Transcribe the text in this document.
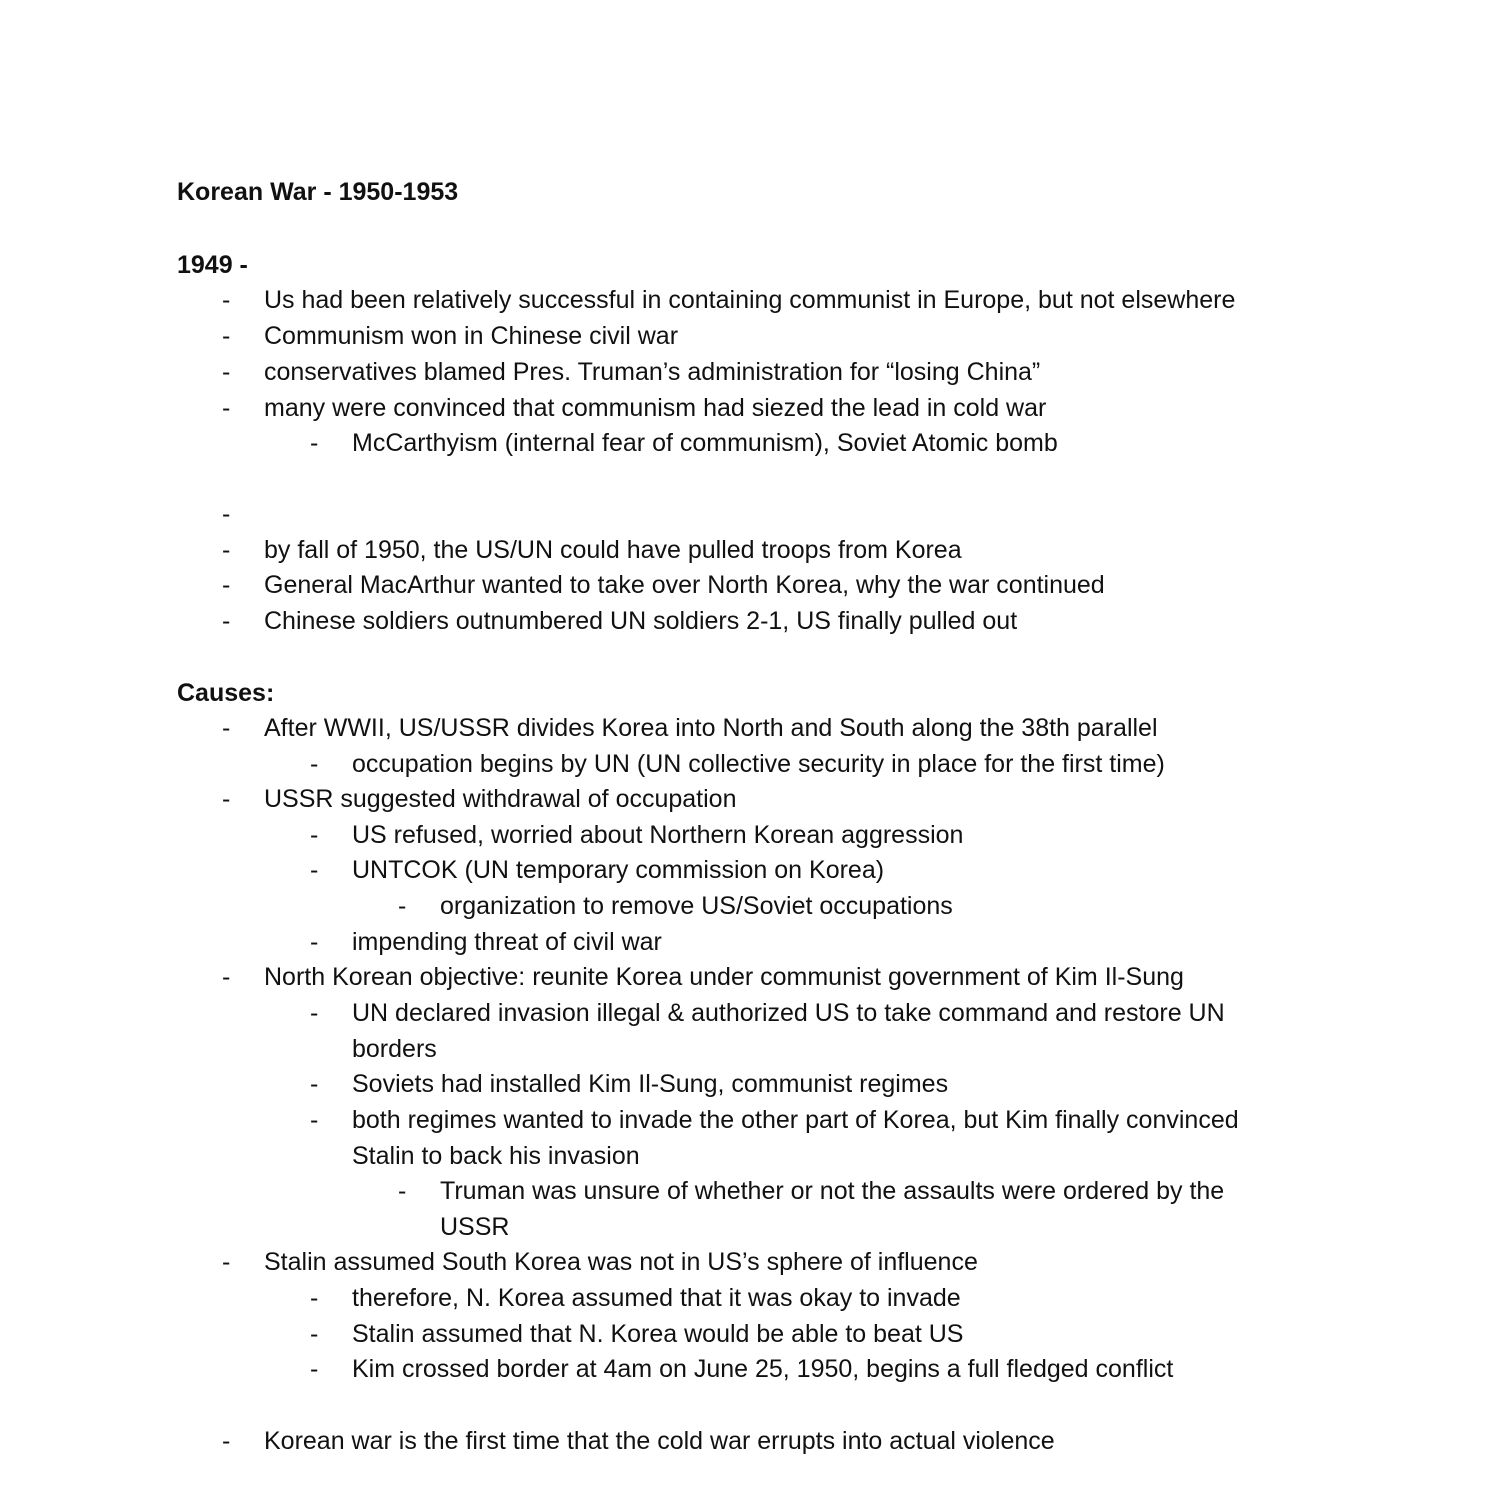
Korean War - 1950-1953
1949 -
- Us had been relatively successful in containing communist in Europe, but not elsewhere
- Communism won in Chinese civil war
- conservatives blamed Pres. Truman’s administration for “losing China”
- many were convinced that communism had siezed the lead in cold war
- McCarthyism (internal fear of communism), Soviet Atomic bomb
-
- by fall of 1950, the US/UN could have pulled troops from Korea
- General MacArthur wanted to take over North Korea, why the war continued
- Chinese soldiers outnumbered UN soldiers 2-1, US finally pulled out
Causes:
- After WWII, US/USSR divides Korea into North and South along the 38th parallel
- occupation begins by UN (UN collective security in place for the first time)
- USSR suggested withdrawal of occupation
- US refused, worried about Northern Korean aggression
- UNTCOK (UN temporary commission on Korea)
- organization to remove US/Soviet occupations
- impending threat of civil war
- North Korean objective: reunite Korea under communist government of Kim Il-Sung
- UN declared invasion illegal & authorized US to take command and restore UN
borders
- Soviets had installed Kim Il-Sung, communist regimes
- both regimes wanted to invade the other part of Korea, but Kim finally convinced
Stalin to back his invasion
- Truman was unsure of whether or not the assaults were ordered by the
USSR
- Stalin assumed South Korea was not in US’s sphere of influence
- therefore, N. Korea assumed that it was okay to invade
- Stalin assumed that N. Korea would be able to beat US
- Kim crossed border at 4am on June 25, 1950, begins a full fledged conflict
- Korean war is the first time that the cold war errupts into actual violence
